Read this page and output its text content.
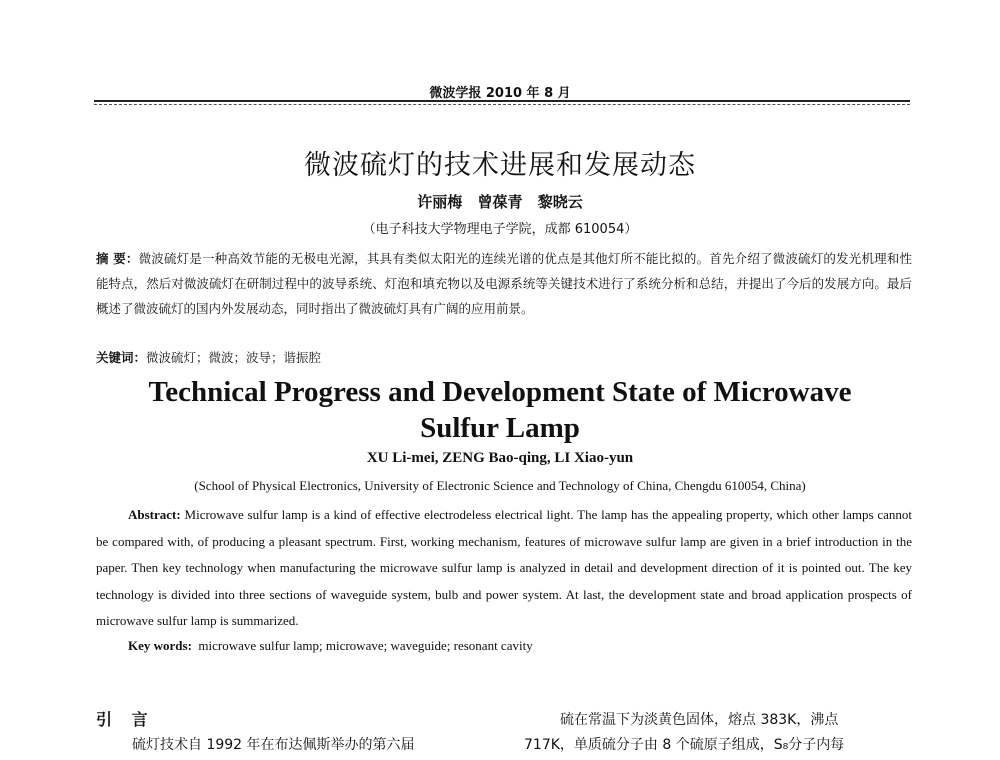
微波学报 2010 年 8 月
微波硫灯的技术进展和发展动态
许丽梅 曾葆青 黎晓云
（电子科技大学物理电子学院，成都 610054）
摘 要：微波硫灯是一种高效节能的无极电光源，其具有类似太阳光的连续光谱的优点是其他灯所不能比拟的。首先介绍了微波硫灯的发光机理和性能特点，然后对微波硫灯在研制过程中的波导系统、灯泡和填充物以及电源系统等关键技术进行了系统分析和总结，并提出了今后的发展方向。最后概述了微波硫灯的国内外发展动态，同时指出了微波硫灯具有广阔的应用前景。
关键词：微波硫灯；微波；波导；谐振腔
Technical Progress and Development State of Microwave
Sulfur Lamp
XU Li-mei, ZENG Bao-qing, LI Xiao-yun
(School of Physical Electronics, University of Electronic Science and Technology of China, Chengdu 610054, China)
Abstract: Microwave sulfur lamp is a kind of effective electrodeless electrical light. The lamp has the appealing property, which other lamps cannot be compared with, of producing a pleasant spectrum. First, working mechanism, features of microwave sulfur lamp are given in a brief introduction in the paper. Then key technology when manufacturing the microwave sulfur lamp is analyzed in detail and development direction of it is pointed out. The key technology is divided into three sections of waveguide system, bulb and power system. At last, the development state and broad application prospects of microwave sulfur lamp is summarized.
Key words: microwave sulfur lamp; microwave; waveguide; resonant cavity
引 言
硫灯技术自 1992 年在布达佩斯举办的第六届
硫在常温下为淡黄色固体，熔点 383K，沸点
717K，单质硫分子由 8 个硫原子组成，S₈分子内每
